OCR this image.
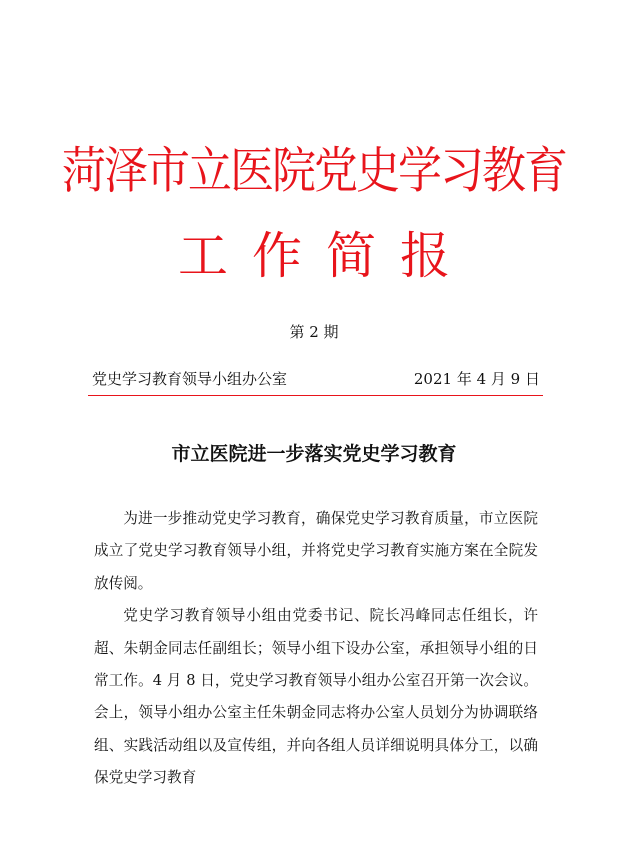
菏泽市立医院党史学习教育
工作简报
第 2 期
党史学习教育领导小组办公室	2021 年 4 月 9 日
市立医院进一步落实党史学习教育

为进一步推动党史学习教育，确保党史学习教育质量，市立医院成立了党史学习教育领导小组，并将党史学习教育实施方案在全院发放传阅。

党史学习教育领导小组由党委书记、院长冯峰同志任组长，许超、朱朝金同志任副组长；领导小组下设办公室，承担领导小组的日常工作。4 月 8 日，党史学习教育领导小组办公室召开第一次会议。会上，领导小组办公室主任朱朝金同志将办公室人员划分为协调联络组、实践活动组以及宣传组，并向各组人员详细说明具体分工，以确保党史学习教育
